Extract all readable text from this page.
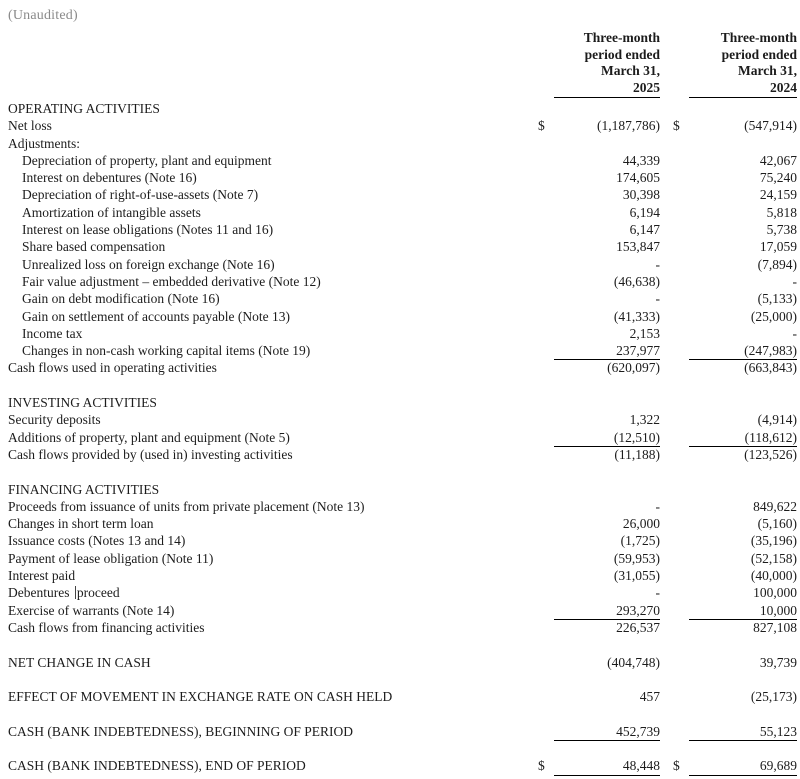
(Unaudited)
Three-month
period ended
March 31,
2025
Three-month
period ended
March 31,
2024
OPERATING ACTIVITIES
Net loss	$	(1,187,786) $	(547,914)
Adjustments:
Depreciation of property, plant and equipment	44,339	42,067
Interest on debentures (Note 16)	174,605	75,240
Depreciation of right-of-use-assets (Note 7)	30,398	24,159
Amortization of intangible assets	6,194	5,818
Interest on lease obligations (Notes 11 and 16)	6,147	5,738
Share based compensation	153,847	17,059
Unrealized loss on foreign exchange (Note 16)	-	(7,894)
Fair value adjustment – embedded derivative (Note 12)	(46,638)	-
Gain on debt modification (Note 16)	-	(5,133)
Gain on settlement of accounts payable (Note 13)	(41,333)	(25,000)
Income tax	2,153	-
Changes in non-cash working capital items (Note 19)	237,977	(247,983)
Cash flows used in operating activities	(620,097)	(663,843)
INVESTING ACTIVITIES
Security deposits	1,322	(4,914)
Additions of property, plant and equipment (Note 5)	(12,510)	(118,612)
Cash flows provided by (used in) investing activities	(11,188)	(123,526)
FINANCING ACTIVITIES
Proceeds from issuance of units from private placement (Note 13)	-	849,622
Changes in short term loan	26,000	(5,160)
Issuance costs (Notes 13 and 14)	(1,725)	(35,196)
Payment of lease obligation (Note 11)	(59,953)	(52,158)
Interest paid	(31,055)	(40,000)
Debentures proceed	-	100,000
Exercise of warrants (Note 14)	293,270	10,000
Cash flows from financing activities	226,537	827,108
NET CHANGE IN CASH	(404,748)	39,739
EFFECT OF MOVEMENT IN EXCHANGE RATE ON CASH HELD	457	(25,173)
CASH (BANK INDEBTEDNESS), BEGINNING OF PERIOD	452,739	55,123
CASH (BANK INDEBTEDNESS), END OF PERIOD	$	48,448 $	69,689
